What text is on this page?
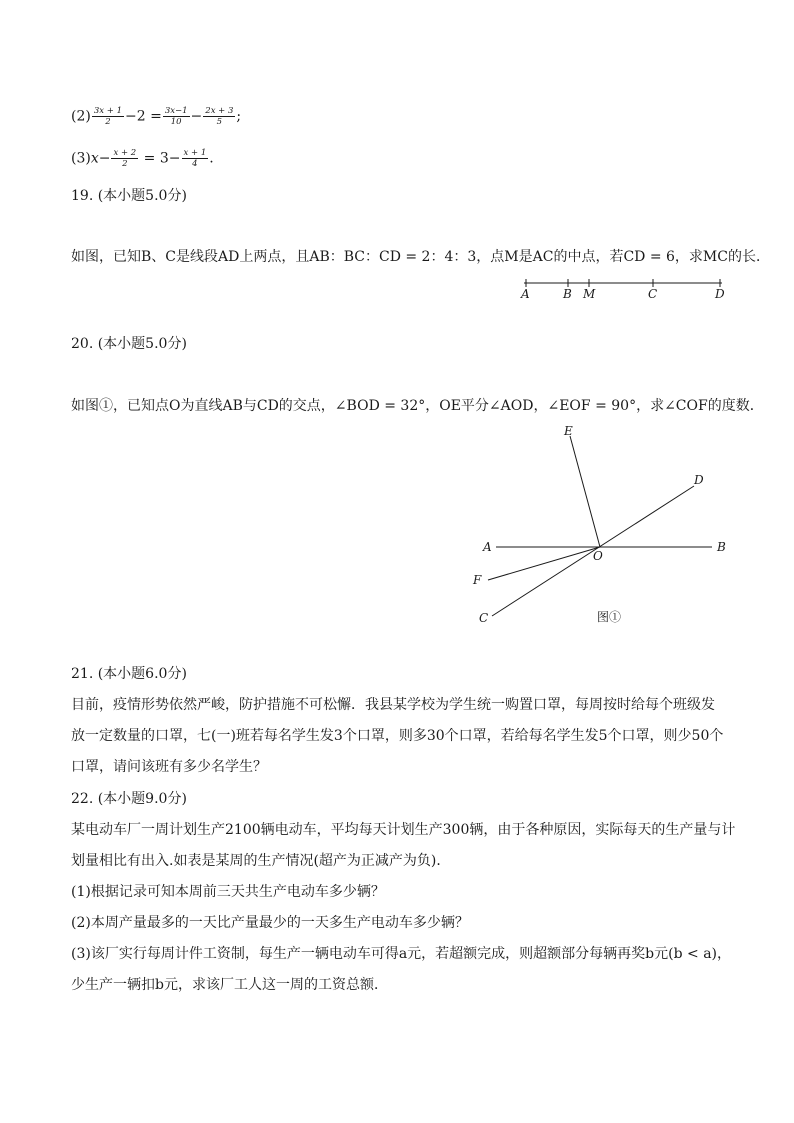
$(2) \frac{3x + 1}{2} -2 = \frac{3x-1}{10} - \frac{2x + 3}{5}$ ;
$(3)x- \frac{x + 2}{2} = 3- \frac{x + 1}{4}$ .
19. (本小题5.0分)
如图，已知B、C是线段AD上两点，且AB：BC：CD = 2：4：3，点M是AC的中点，若CD = 6，求MC的长．
A	B M	C	D
20. (本小题5.0分)
如图①，已知点O为直线AB与CD的交点，∠BOD = 32°，OE平分∠AOD，∠EOF = 90°，求∠COF的度数．
E
D
A
O
B
F
C	图①
21. (本小题6.0分)
目前，疫情形势依然严峻，防护措施不可松懈．我县某学校为学生统一购置口罩，每周按时给每个班级发
放一定数量的口罩，七(一)班若每名学生发3个口罩，则多30个口罩，若给每名学生发5个口罩，则少50个
口罩，请问该班有多少名学生？
22. (本小题9.0分)
某电动车厂一周计划生产2100辆电动车，平均每天计划生产300辆，由于各种原因，实际每天的生产量与计
划量相比有出入.如表是某周的生产情况(超产为正减产为负)．
(1)根据记录可知本周前三天共生产电动车多少辆？
(2)本周产量最多的一天比产量最少的一天多生产电动车多少辆？
(3)该厂实行每周计件工资制，每生产一辆电动车可得a元，若超额完成，则超额部分每辆再奖b元(b < a)，
少生产一辆扣b元，求该厂工人这一周的工资总额．
